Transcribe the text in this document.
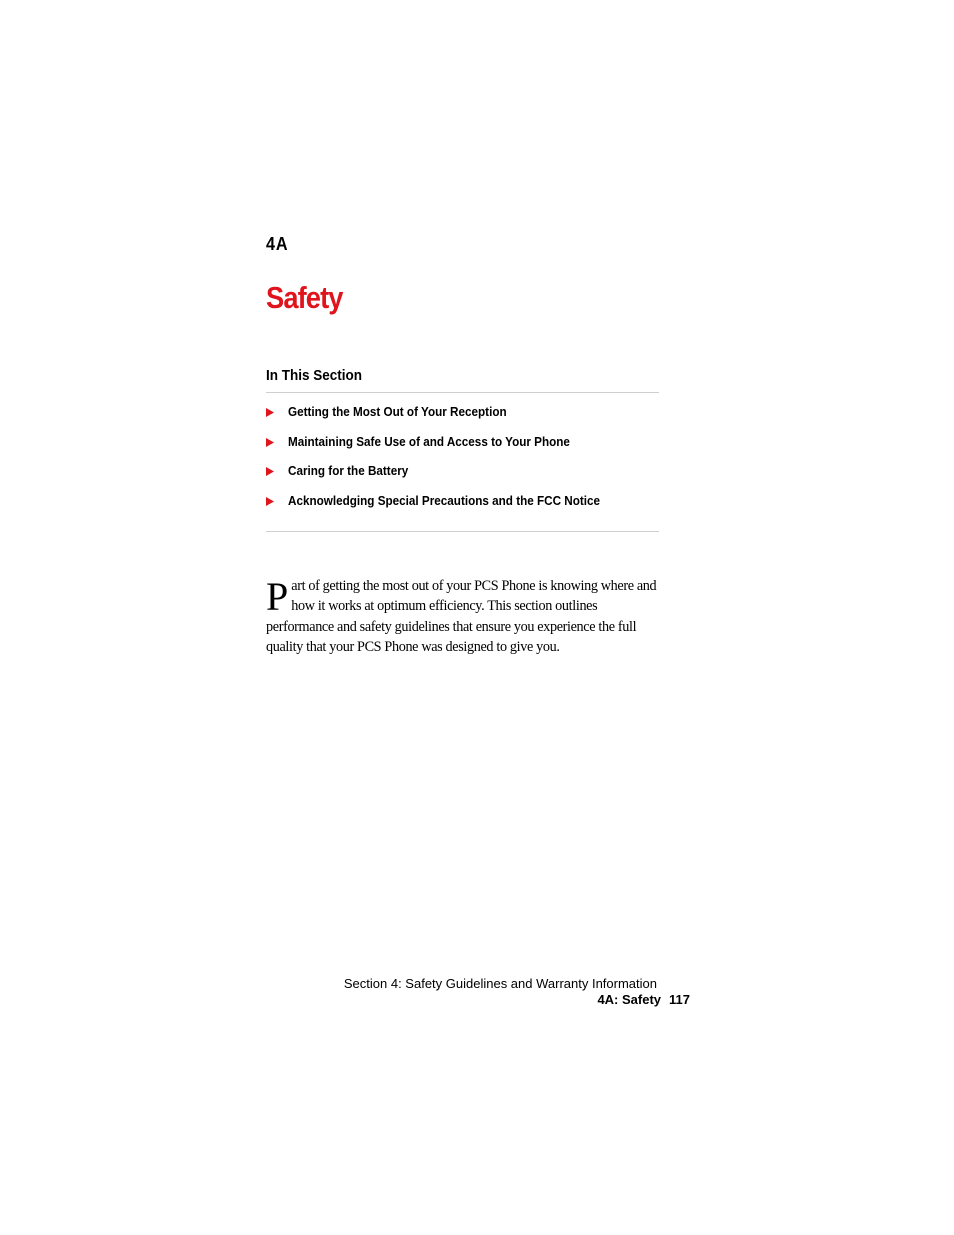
4A
Safety
In This Section
Getting the Most Out of Your Reception
Maintaining Safe Use of and Access to Your Phone
Caring for the Battery
Acknowledging Special Precautions and the FCC Notice

Part of getting the most out of your PCS Phone is knowing where and how it works at optimum efficiency. This section outlines performance and safety guidelines that ensure you experience the full quality that your PCS Phone was designed to give you.

Section 4: Safety Guidelines and Warranty Information
4A: Safety 117
